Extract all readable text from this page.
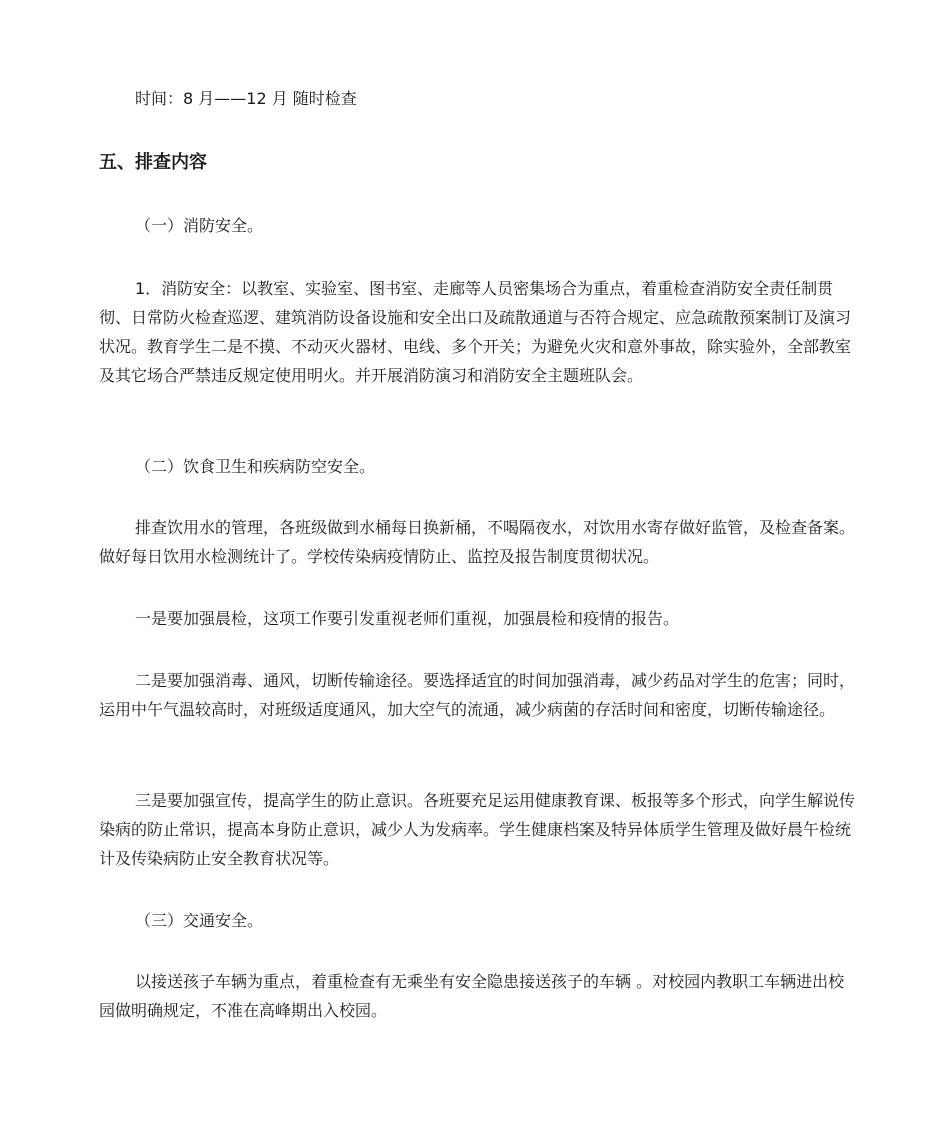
时间：8 月——12 月 随时检查

五、排查内容

（一）消防安全。

1．消防安全：以教室、实验室、图书室、走廊等人员密集场合为重点，着重检查消防安全责任制贯彻、日常防火检查巡逻、建筑消防设备设施和安全出口及疏散通道与否符合规定、应急疏散预案制订及演习状况。教育学生二是不摸、不动灭火器材、电线、多个开关；为避免火灾和意外事故，除实验外，全部教室及其它场合严禁违反规定使用明火。并开展消防演习和消防安全主题班队会。

（二）饮食卫生和疾病防空安全。

排查饮用水的管理，各班级做到水桶每日换新桶，不喝隔夜水，对饮用水寄存做好监管，及检查备案。做好每日饮用水检测统计了。学校传染病疫情防止、监控及报告制度贯彻状况。

一是要加强晨检，这项工作要引发重视老师们重视，加强晨检和疫情的报告。

二是要加强消毒、通风，切断传输途径。要选择适宜的时间加强消毒，减少药品对学生的危害；同时，运用中午气温较高时，对班级适度通风，加大空气的流通，减少病菌的存活时间和密度，切断传输途径。

三是要加强宣传，提高学生的防止意识。各班要充足运用健康教育课、板报等多个形式，向学生解说传染病的防止常识，提高本身防止意识，减少人为发病率。学生健康档案及特异体质学生管理及做好晨午检统计及传染病防止安全教育状况等。

（三）交通安全。

以接送孩子车辆为重点，着重检查有无乘坐有安全隐患接送孩子的车辆 。对校园内教职工车辆进出校园做明确规定，不准在高峰期出入校园。
